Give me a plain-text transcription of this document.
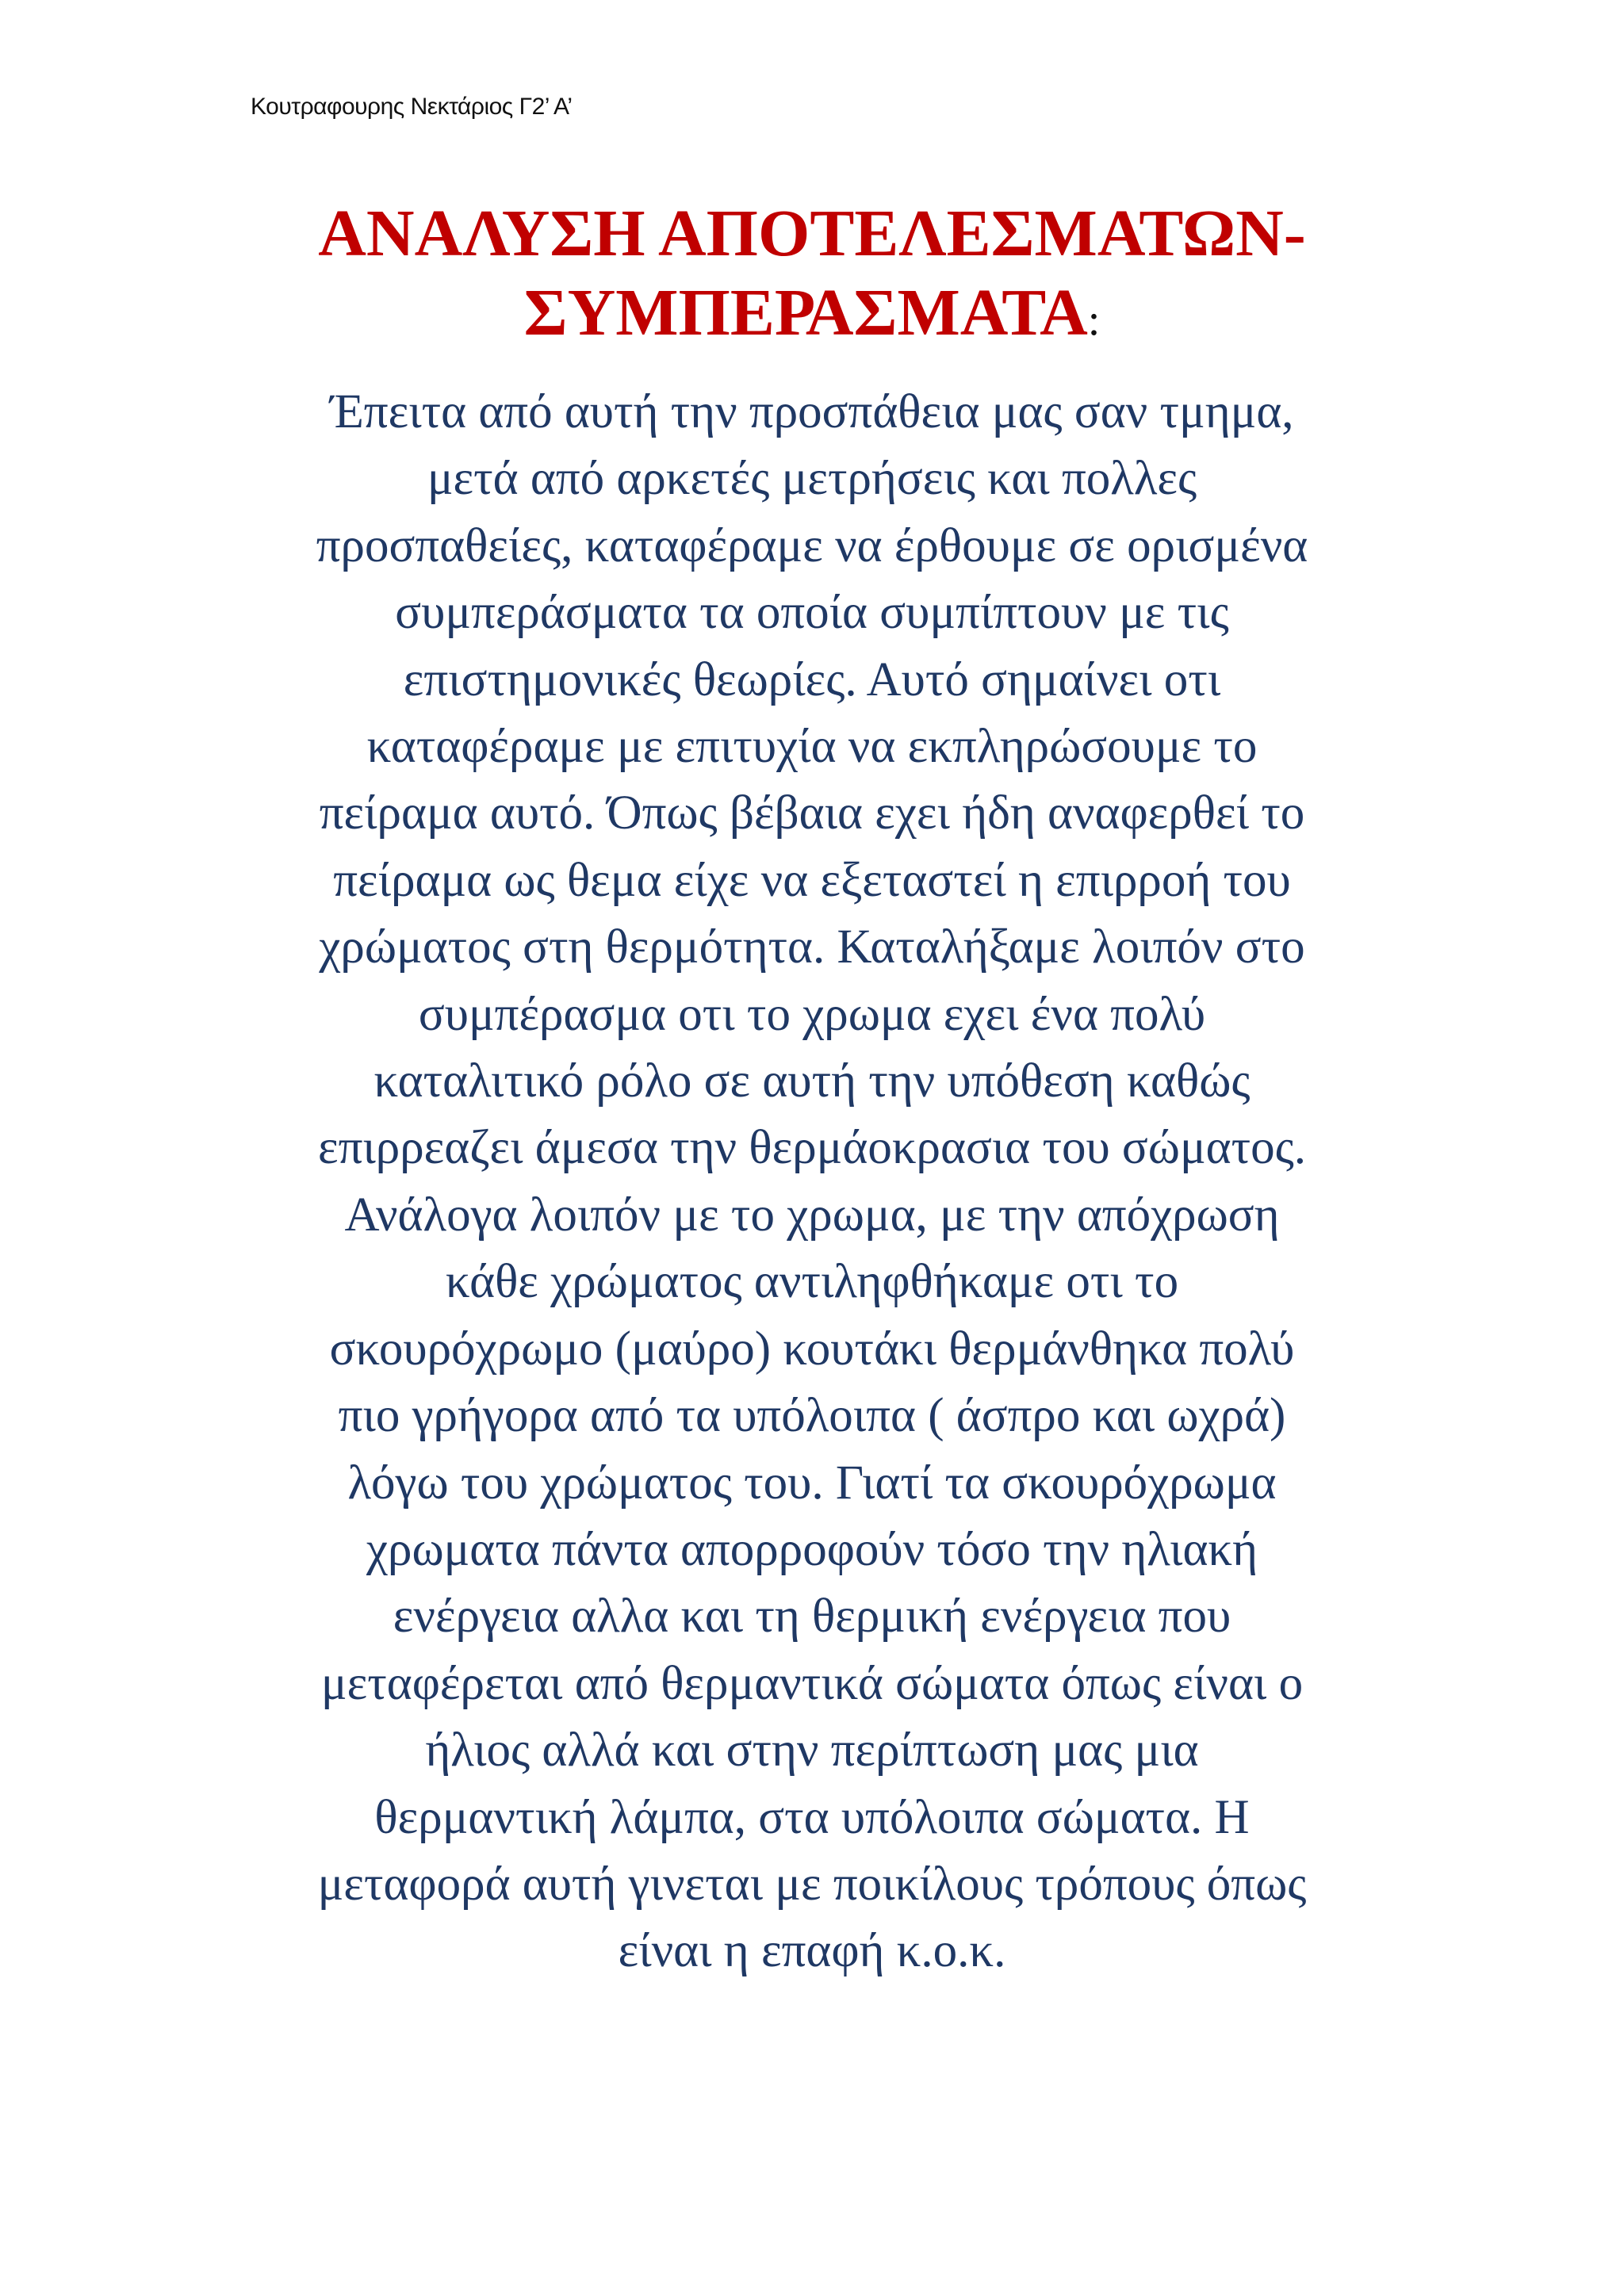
Κουτραφουρης Νεκτάριος Γ2’ Α’
ΑΝΑΛΥΣΗ ΑΠΟΤΕΛΕΣΜΑΤΩΝ-
ΣΥΜΠΕΡΑΣΜΑΤΑ:

Έπειτα από αυτή την προσπάθεια μας σαν τμημα,
μετά από αρκετές μετρήσεις και πολλες
προσπαθείες, καταφέραμε να έρθουμε σε ορισμένα
συμπεράσματα τα οποία συμπίπτουν με τις
επιστημονικές θεωρίες. Αυτό σημαίνει οτι
καταφέραμε με επιτυχία να εκπληρώσουμε το
πείραμα αυτό. Όπως βέβαια εχει ήδη αναφερθεί το
πείραμα ως θεμα είχε να εξεταστεί η επιρροή του
χρώματος στη θερμότητα. Καταλήξαμε λοιπόν στο
συμπέρασμα οτι το χρωμα εχει ένα πολύ
καταλιτικό ρόλο σε αυτή την υπόθεση καθώς
επιρρεαζει άμεσα την θερμάοκρασια του σώματος.
Ανάλογα λοιπόν με το χρωμα, με την απόχρωση
κάθε χρώματος αντιληφθήκαμε οτι το
σκουρόχρωμο (μαύρο) κουτάκι θερμάνθηκα πολύ
πιο γρήγορα από τα υπόλοιπα ( άσπρο και ωχρά)
λόγω του χρώματος του. Γιατί τα σκουρόχρωμα
χρωματα πάντα απορροφούν τόσο την ηλιακή
ενέργεια αλλα και τη θερμική ενέργεια που
μεταφέρεται από θερμαντικά σώματα όπως είναι ο
ήλιος αλλά και στην περίπτωση μας μια
θερμαντική λάμπα, στα υπόλοιπα σώματα. Η
μεταφορά αυτή γινεται με ποικίλους τρόπους όπως
είναι η επαφή κ.ο.κ.
